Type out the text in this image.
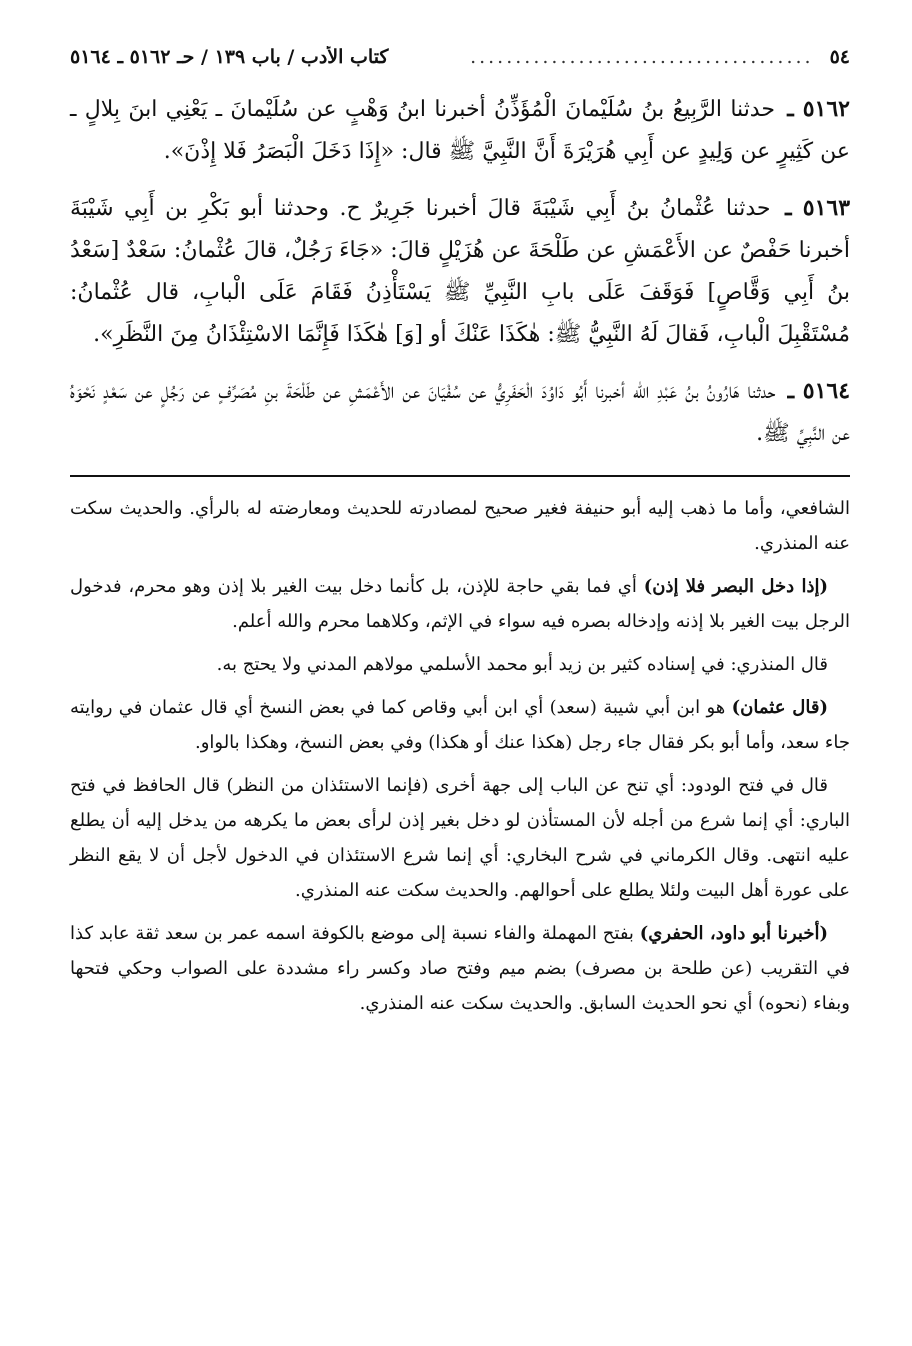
٥٤
......................................
كتاب الأدب / باب ١٣٩ / حـ ٥١٦٢ ـ ٥١٦٤
٥١٦٢ ـ حدثنا الرَّبِيعُ بنُ سُلَيْمانَ الْمُؤَذِّنُ أخبرنا ابنُ وَهْبٍ عن سُلَيْمانَ ـ يَعْنِي ابنَ بِلالٍ ـ عن كَثِيرٍ عن وَلِيدٍ عن أَبِي هُرَيْرَةَ أَنَّ النَّبِيَّ ﷺ قال: «إِذَا دَخَلَ الْبَصَرُ فَلا إِذْنَ».
٥١٦٣ ـ حدثنا عُثْمانُ بنُ أَبِي شَيْبَةَ قالَ أخبرنا جَرِيرٌ ح. وحدثنا أبو بَكْرِ بن أَبِي شَيْبَةَ أخبرنا حَفْصٌ عن الأَعْمَشِ عن طَلْحَةَ عن هُزَيْلٍ قالَ: «جَاءَ رَجُلٌ، قالَ عُثْمانُ: سَعْدٌ [سَعْدُ بنُ أَبِي وَقَّاصٍ] فَوَقَفَ عَلَى بابِ النَّبِيِّ ﷺ يَسْتَأْذِنُ فَقَامَ عَلَى الْبابِ، قال عُثْمانُ: مُسْتَقْبِلَ الْبابِ، فَقالَ لَهُ النَّبِيُّ ﷺ: هٰكَذَا عَنْكَ أو [وَ] هٰكَذَا فَإِنَّمَا الاسْتِئْذَانُ مِنَ النَّظَرِ».
٥١٦٤ ـ حدثنا هَارُونُ بنُ عَبْدِ الله أخبرنا أَبُو دَاوُدَ الْحَفَرِيُّ عن سُفْيَانَ عن الأَعْمَشِ عن طَلْحَةَ بنِ مُصَرِّفٍ عن رَجُلٍ عن سَعْدٍ نَحْوَهُ عن النَّبِيِّ ﷺ.

الشافعي، وأما ما ذهب إليه أبو حنيفة فغير صحيح لمصادرته للحديث ومعارضته له بالرأي. والحديث سكت عنه المنذري.

(إذا دخل البصر فلا إذن) أي فما بقي حاجة للإذن، بل كأنما دخل بيت الغير بلا إذن وهو محرم، فدخول الرجل بيت الغير بلا إذنه وإدخاله بصره فيه سواء في الإثم، وكلاهما محرم والله أعلم.

قال المنذري: في إسناده كثير بن زيد أبو محمد الأسلمي مولاهم المدني ولا يحتج به.

(قال عثمان) هو ابن أبي شيبة (سعد) أي ابن أبي وقاص كما في بعض النسخ أي قال عثمان في روايته جاء سعد، وأما أبو بكر فقال جاء رجل (هكذا عنك أو هكذا) وفي بعض النسخ، وهكذا بالواو.

قال في فتح الودود: أي تنح عن الباب إلى جهة أخرى (فإنما الاستئذان من النظر) قال الحافظ في فتح الباري: أي إنما شرع من أجله لأن المستأذن لو دخل بغير إذن لرأى بعض ما يكرهه من يدخل إليه أن يطلع عليه انتهى. وقال الكرماني في شرح البخاري: أي إنما شرع الاستئذان في الدخول لأجل أن لا يقع النظر على عورة أهل البيت ولئلا يطلع على أحوالهم. والحديث سكت عنه المنذري.

(أخبرنا أبو داود، الحفري) بفتح المهملة والفاء نسبة إلى موضع بالكوفة اسمه عمر بن سعد ثقة عابد كذا في التقريب (عن طلحة بن مصرف) بضم ميم وفتح صاد وكسر راء مشددة على الصواب وحكي فتحها وبفاء (نحوه) أي نحو الحديث السابق. والحديث سكت عنه المنذري.
